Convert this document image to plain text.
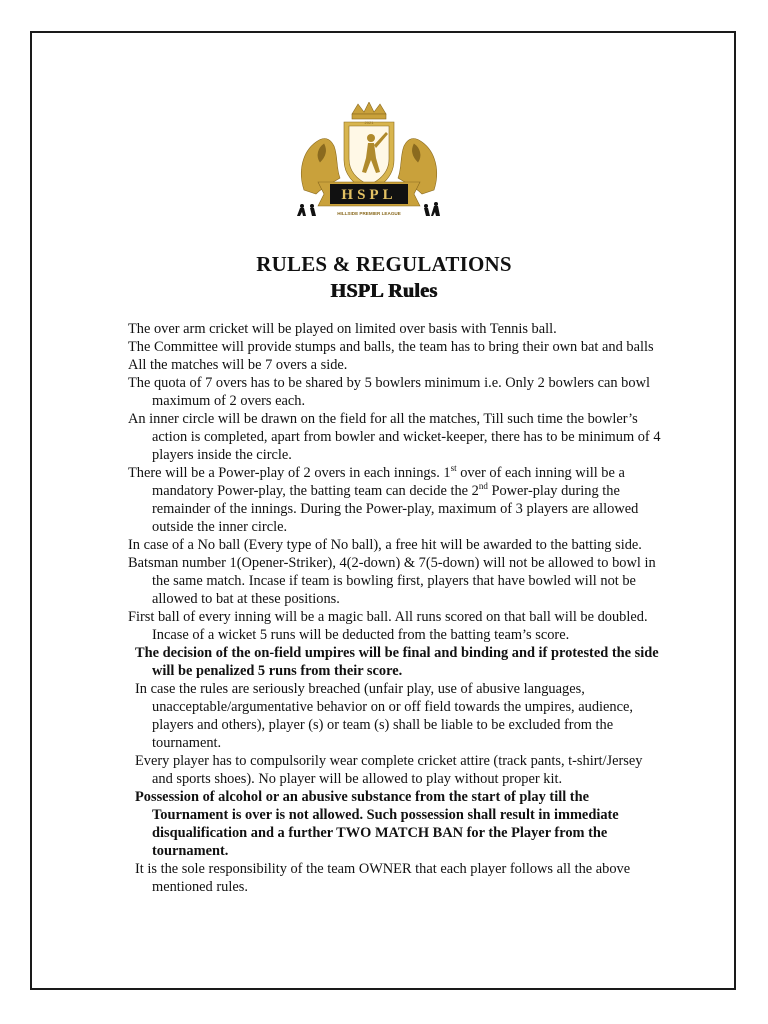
2021
HSPL
HILLSIDE PREMIER LEAGUE
RULES & REGULATIONS
HSPL Rules

The over arm cricket will be played on limited over basis with Tennis ball.

The Committee will provide stumps and balls, the team has to bring their own bat and balls

All the matches will be 7 overs a side.

The quota of 7 overs has to be shared by 5 bowlers minimum i.e. Only 2 bowlers can bowl maximum of 2 overs each.

An inner circle will be drawn on the field for all the matches, Till such time the bowler’s action is completed, apart from bowler and wicket-keeper, there has to be minimum of 4 players inside the circle.

There will be a Power-play of 2 overs in each innings. 1st over of each inning will be a mandatory Power-play, the batting team can decide the 2nd Power-play during the remainder of the innings. During the Power-play, maximum of 3 players are allowed outside the inner circle.

In case of a No ball (Every type of No ball), a free hit will be awarded to the batting side.

Batsman number 1(Opener-Striker), 4(2-down) & 7(5-down) will not be allowed to bowl in the same match. Incase if team is bowling first, players that have bowled will not be allowed to bat at these positions.

First ball of every inning will be a magic ball. All runs scored on that ball will be doubled. Incase of a wicket 5 runs will be deducted from the batting team’s score.

The decision of the on-field umpires will be final and binding and if protested the side will be penalized 5 runs from their score.

In case the rules are seriously breached (unfair play, use of abusive languages, unacceptable/argumentative behavior on or off field towards the umpires, audience, players and others), player (s) or team (s) shall be liable to be excluded from the tournament.

Every player has to compulsorily wear complete cricket attire (track pants, t-shirt/Jersey and sports shoes). No player will be allowed to play without proper kit.

Possession of alcohol or an abusive substance from the start of play till the Tournament is over is not allowed. Such possession shall result in immediate disqualification and a further TWO MATCH BAN for the Player from the tournament.

It is the sole responsibility of the team OWNER that each player follows all the above mentioned rules.
